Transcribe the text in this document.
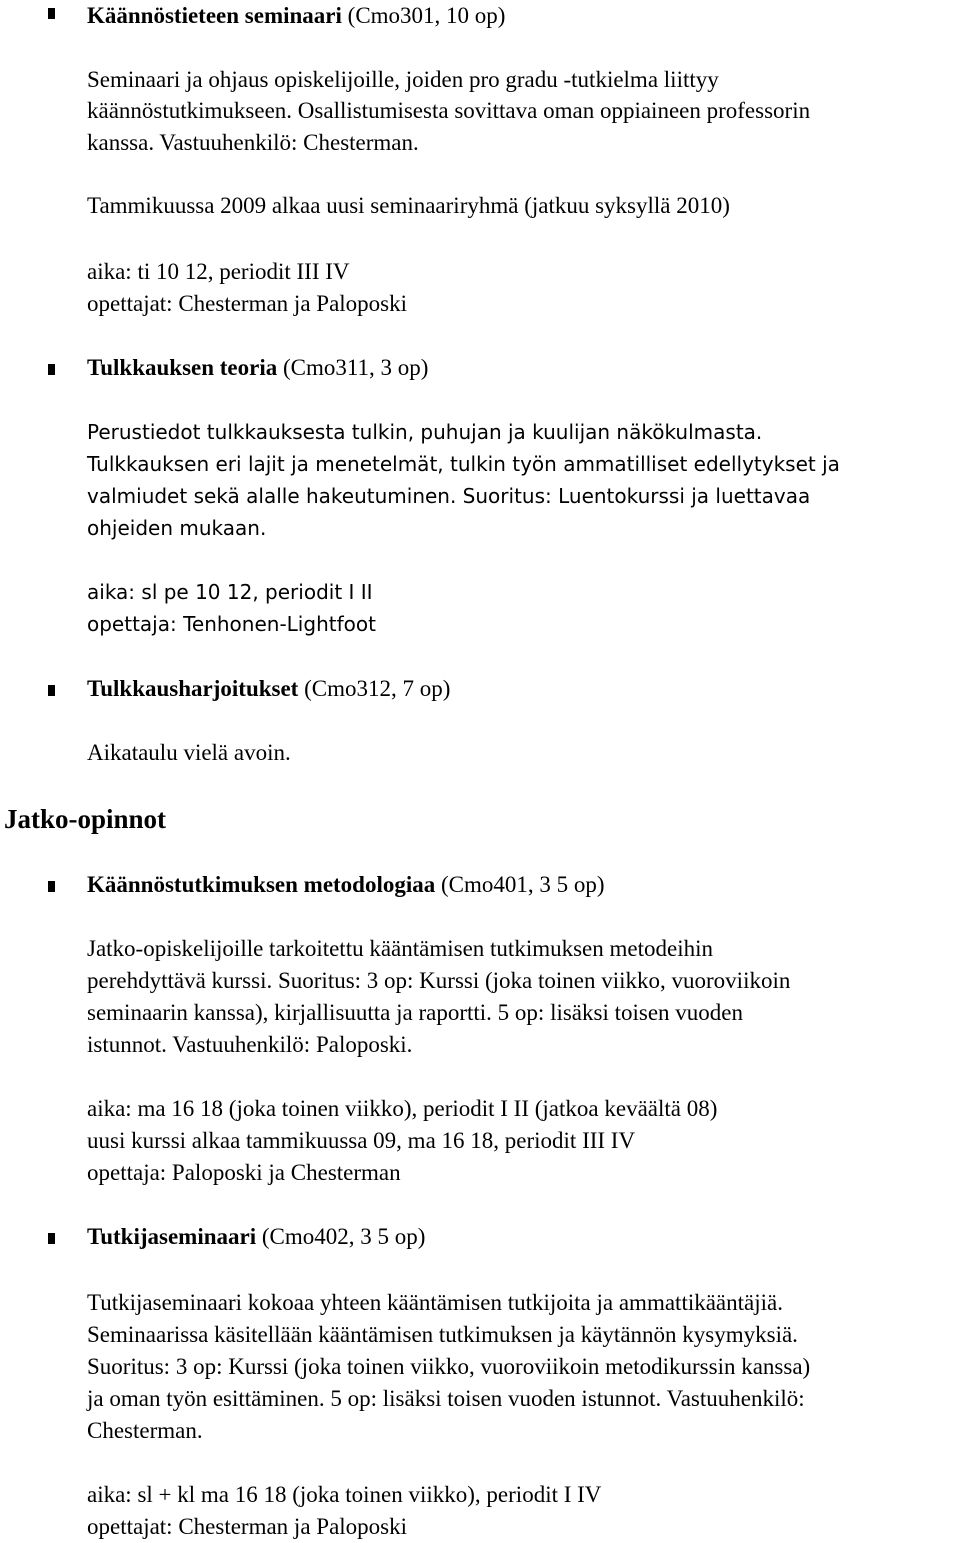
Käännöstieteen seminaari (Cmo301, 10 op)
Seminaari ja ohjaus opiskelijoille, joiden pro gradu -tutkielma liittyy
käännöstutkimukseen. Osallistumisesta sovittava oman oppiaineen professorin
kanssa. Vastuuhenkilö: Chesterman.
Tammikuussa 2009 alkaa uusi seminaariryhmä (jatkuu syksyllä 2010)
aika: ti 10 12, periodit III IV
opettajat: Chesterman ja Paloposki
Tulkkauksen teoria (Cmo311, 3 op)
Perustiedot tulkkauksesta tulkin, puhujan ja kuulijan näkökulmasta.
Tulkkauksen eri lajit ja menetelmät, tulkin työn ammatilliset edellytykset ja
valmiudet sekä alalle hakeutuminen. Suoritus: Luentokurssi ja luettavaa
ohjeiden mukaan.
aika: sl pe 10 12, periodit I II
opettaja: Tenhonen-Lightfoot
Tulkkausharjoitukset (Cmo312, 7 op)
Aikataulu vielä avoin.
Jatko-opinnot
Käännöstutkimuksen metodologiaa (Cmo401, 3 5 op)
Jatko-opiskelijoille tarkoitettu kääntämisen tutkimuksen metodeihin
perehdyttävä kurssi. Suoritus: 3 op: Kurssi (joka toinen viikko, vuoroviikoin
seminaarin kanssa), kirjallisuutta ja raportti. 5 op: lisäksi toisen vuoden
istunnot. Vastuuhenkilö: Paloposki.
aika: ma 16 18 (joka toinen viikko), periodit I II (jatkoa keväältä 08)
uusi kurssi alkaa tammikuussa 09, ma 16 18, periodit III IV
opettaja: Paloposki ja Chesterman
Tutkijaseminaari (Cmo402, 3 5 op)
Tutkijaseminaari kokoaa yhteen kääntämisen tutkijoita ja ammattikääntäjiä.
Seminaarissa käsitellään kääntämisen tutkimuksen ja käytännön kysymyksiä.
Suoritus: 3 op: Kurssi (joka toinen viikko, vuoroviikoin metodikurssin kanssa)
ja oman työn esittäminen. 5 op: lisäksi toisen vuoden istunnot. Vastuuhenkilö:
Chesterman.
aika: sl + kl ma 16 18 (joka toinen viikko), periodit I IV
opettajat: Chesterman ja Paloposki
